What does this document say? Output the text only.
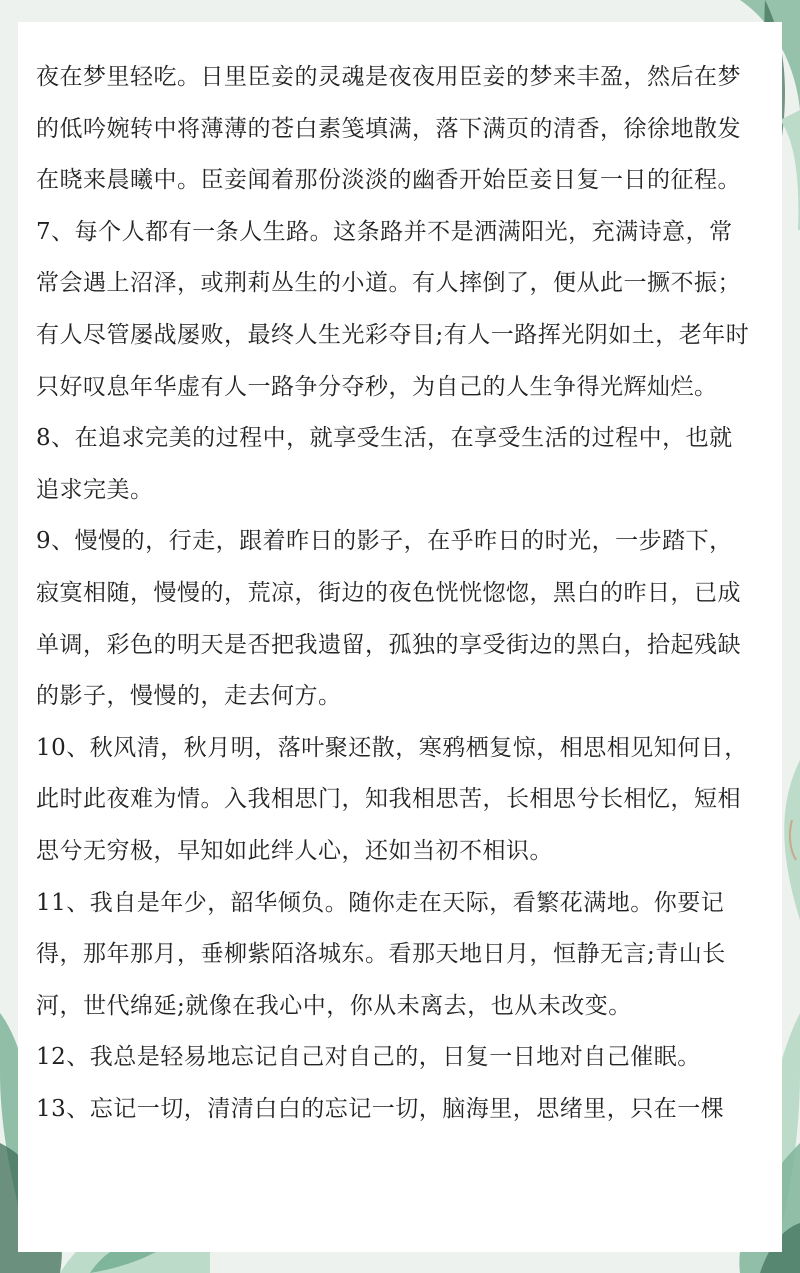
夜在梦里轻吃。日里臣妾的灵魂是夜夜用臣妾的梦来丰盈，然后在梦的低吟婉转中将薄薄的苍白素笺填满，落下满页的清香，徐徐地散发在晓来晨曦中。臣妾闻着那份淡淡的幽香开始臣妾日复一日的征程。

7、每个人都有一条人生路。这条路并不是洒满阳光，充满诗意，常常会遇上沼泽，或荆莉丛生的小道。有人摔倒了，便从此一撅不振；有人尽管屡战屡败，最终人生光彩夺目;有人一路挥光阴如土，老年时只好叹息年华虚有人一路争分夺秒，为自己的人生争得光辉灿烂。

8、在追求完美的过程中，就享受生活，在享受生活的过程中，也就追求完美。

9、慢慢的，行走，跟着昨日的影子，在乎昨日的时光，一步踏下，寂寞相随，慢慢的，荒凉，街边的夜色恍恍惚惚，黑白的昨日，已成单调，彩色的明天是否把我遗留，孤独的享受街边的黑白，拾起残缺的影子，慢慢的，走去何方。

10、秋风清，秋月明，落叶聚还散，寒鸦栖复惊，相思相见知何日，此时此夜难为情。入我相思门，知我相思苦，长相思兮长相忆，短相思兮无穷极，早知如此绊人心，还如当初不相识。

11、我自是年少，韶华倾负。随你走在天际，看繁花满地。你要记得，那年那月，垂柳紫陌洛城东。看那天地日月，恒静无言;青山长河，世代绵延;就像在我心中，你从未离去，也从未改变。

12、我总是轻易地忘记自己对自己的，日复一日地对自己催眠。

13、忘记一切，清清白白的忘记一切，脑海里，思绪里，只在一棵
